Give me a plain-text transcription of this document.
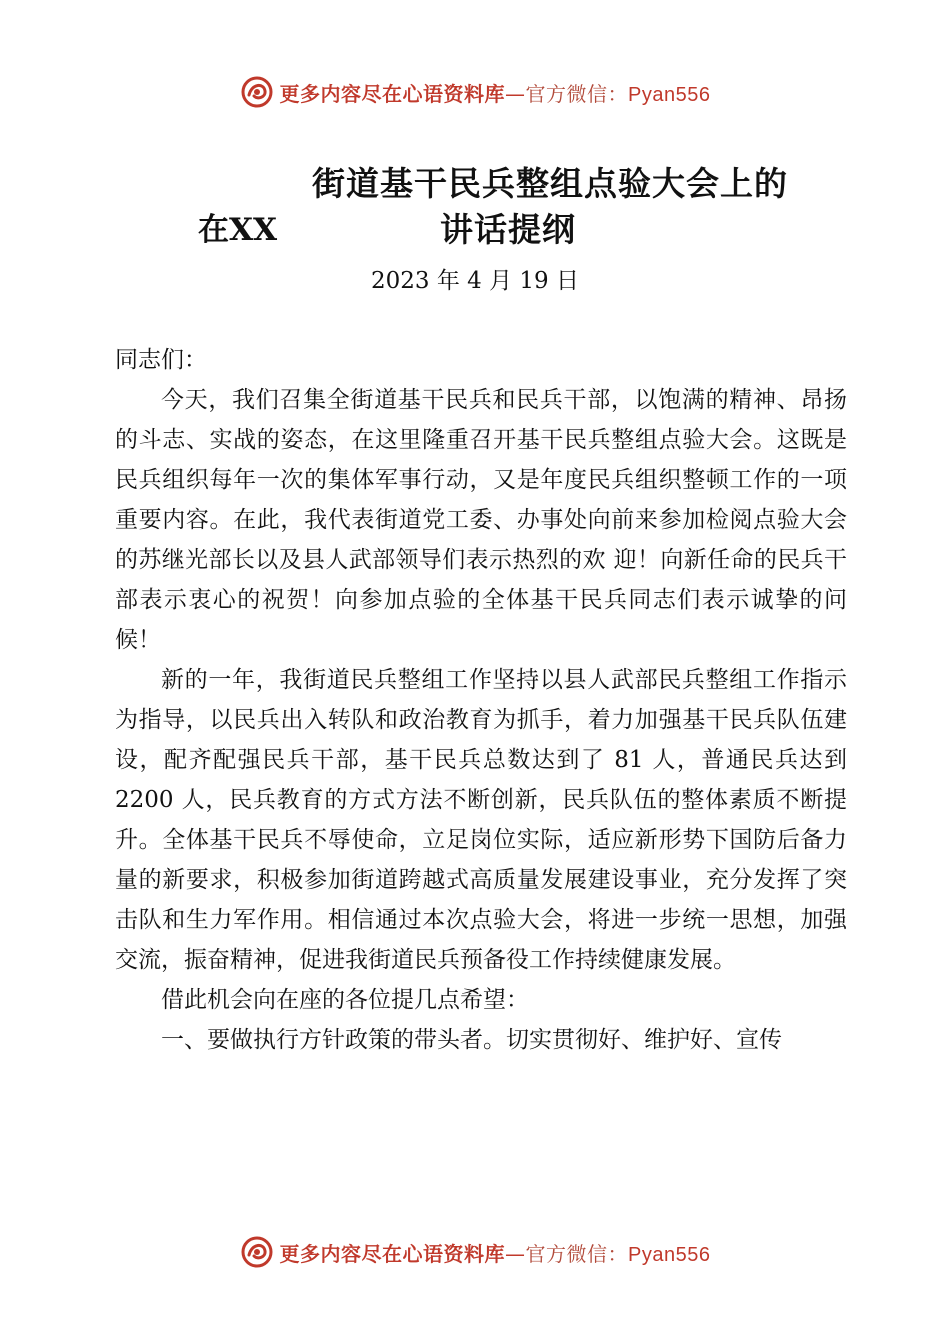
更多内容尽在心语资料库—官方微信：Pyan556
街道基干民兵整组点验大会上的
在XX	讲话提纲
2023 年 4 月 19 日

同志们：

今天，我们召集全街道基干民兵和民兵干部，以饱满的精神、昂扬的斗志、实战的姿态，在这里隆重召开基干民兵整组点验大会。这既是民兵组织每年一次的集体军事行动，又是年度民兵组织整顿工作的一项重要内容。在此，我代表街道党工委、办事处向前来参加检阅点验大会的苏继光部长以及县人武部领导们表示热烈的欢 迎！向新任命的民兵干部表示衷心的祝贺！向参加点验的全体基干民兵同志们表示诚挚的问候！

新的一年，我街道民兵整组工作坚持以县人武部民兵整组工作指示为指导，以民兵出入转队和政治教育为抓手，着力加强基干民兵队伍建设，配齐配强民兵干部，基干民兵总数达到了 81 人，普通民兵达到 2200 人，民兵教育的方式方法不断创新，民兵队伍的整体素质不断提升。全体基干民兵不辱使命，立足岗位实际，适应新形势下国防后备力量的新要求，积极参加街道跨越式高质量发展建设事业，充分发挥了突击队和生力军作用。相信通过本次点验大会，将进一步统一思想，加强交流，振奋精神，促进我街道民兵预备役工作持续健康发展。

借此机会向在座的各位提几点希望：

一、要做执行方针政策的带头者。切实贯彻好、维护好、宣传

更多内容尽在心语资料库—官方微信：Pyan556
